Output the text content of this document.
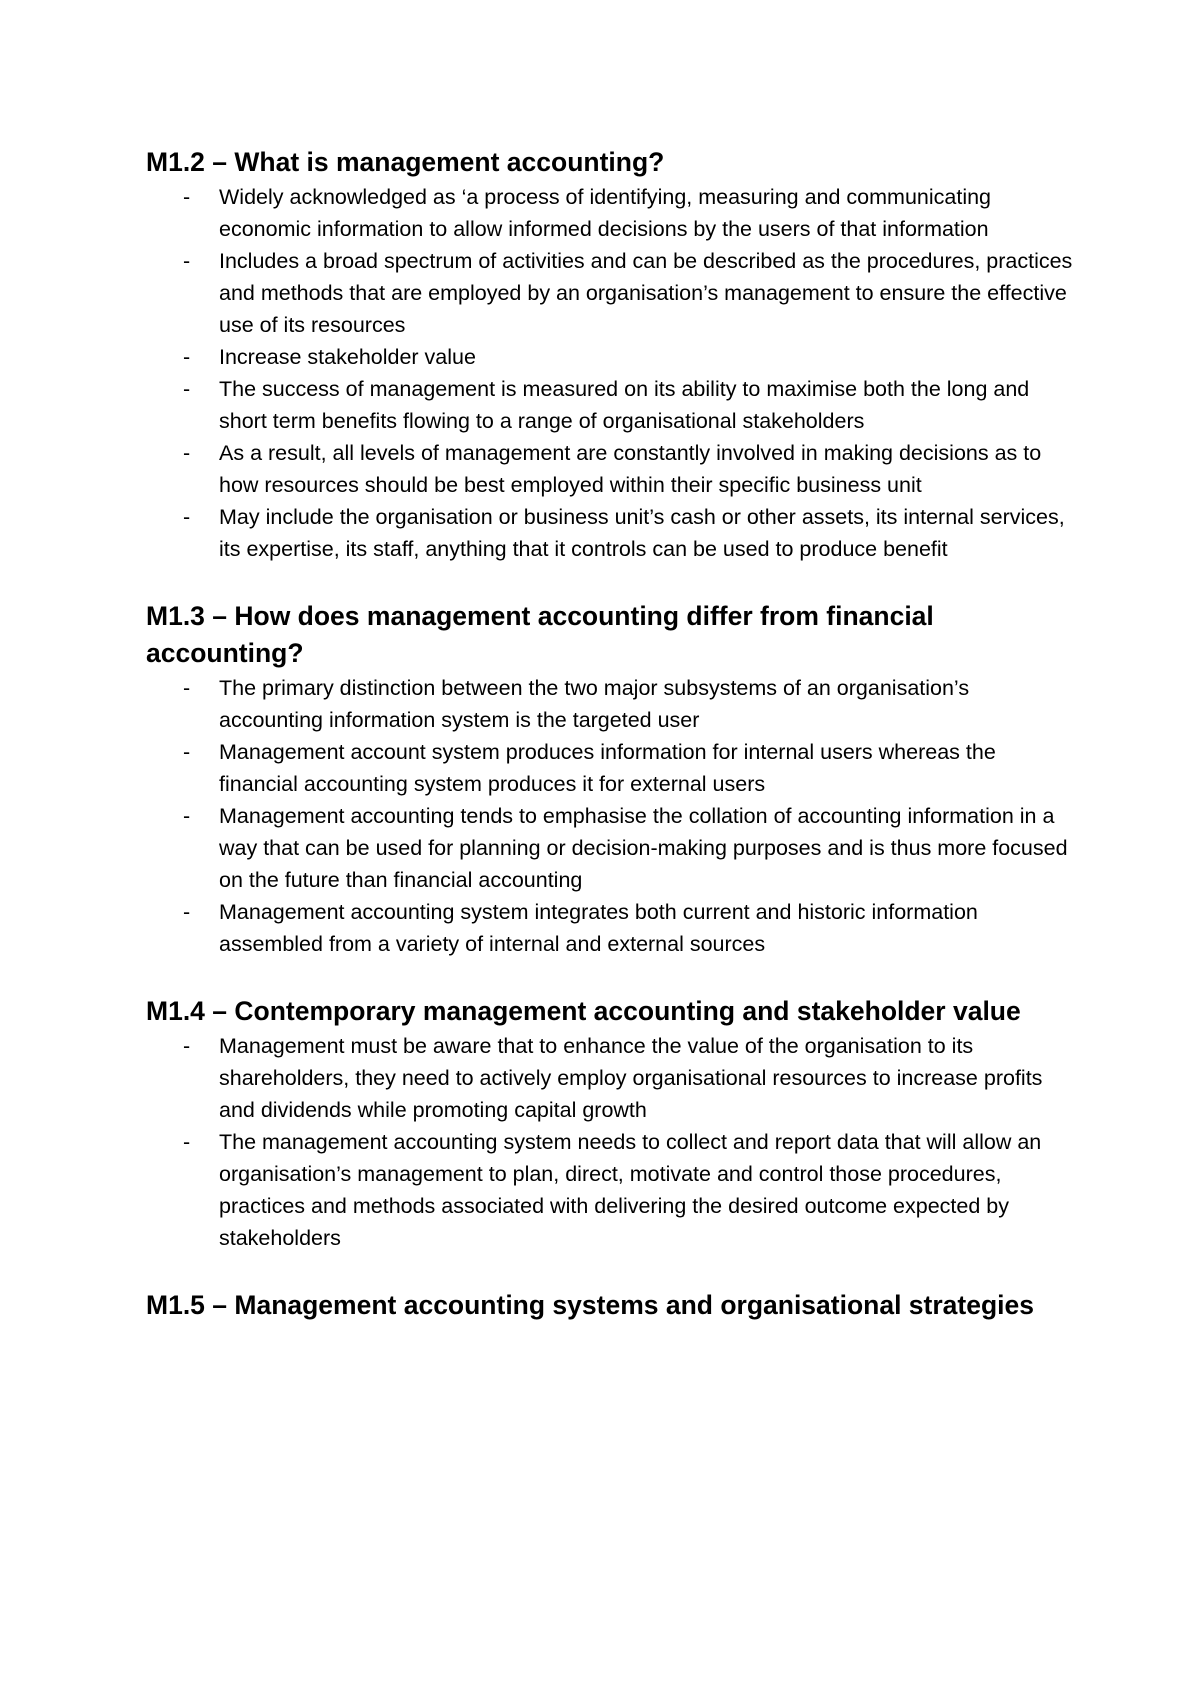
M1.2 – What is management accounting?
- Widely acknowledged as ‘a process of identifying, measuring and communicating economic information to allow informed decisions by the users of that information
- Includes a broad spectrum of activities and can be described as the procedures, practices and methods that are employed by an organisation’s management to ensure the effective use of its resources
- Increase stakeholder value
- The success of management is measured on its ability to maximise both the long and short term benefits flowing to a range of organisational stakeholders
- As a result, all levels of management are constantly involved in making decisions as to how resources should be best employed within their specific business unit
- May include the organisation or business unit’s cash or other assets, its internal services, its expertise, its staff, anything that it controls can be used to produce benefit
M1.3 – How does management accounting differ from financial accounting?
- The primary distinction between the two major subsystems of an organisation’s accounting information system is the targeted user
- Management account system produces information for internal users whereas the financial accounting system produces it for external users
- Management accounting tends to emphasise the collation of accounting information in a way that can be used for planning or decision-making purposes and is thus more focused on the future than financial accounting
- Management accounting system integrates both current and historic information assembled from a variety of internal and external sources
M1.4 – Contemporary management accounting and stakeholder value
- Management must be aware that to enhance the value of the organisation to its shareholders, they need to actively employ organisational resources to increase profits and dividends while promoting capital growth
- The management accounting system needs to collect and report data that will allow an organisation’s management to plan, direct, motivate and control those procedures, practices and methods associated with delivering the desired outcome expected by stakeholders
M1.5 – Management accounting systems and organisational strategies
